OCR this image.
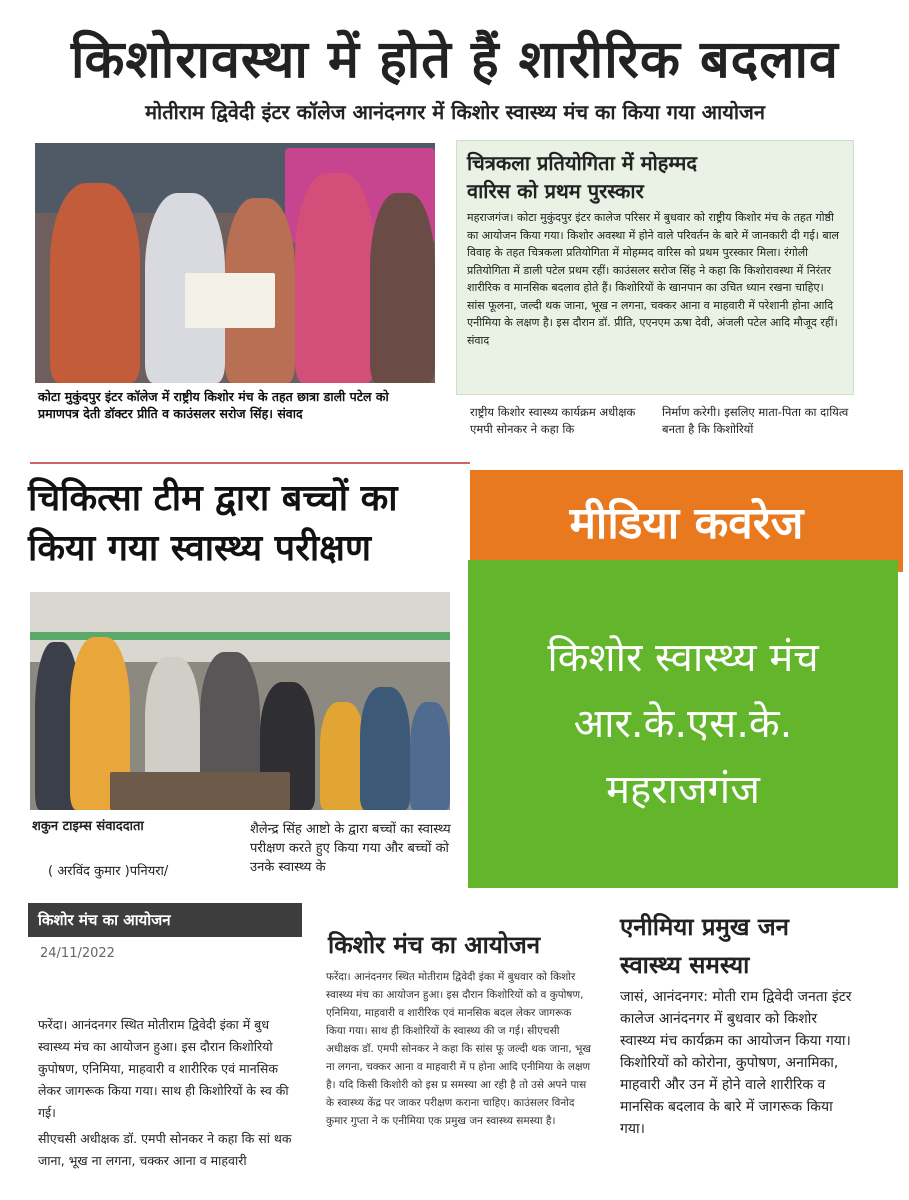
किशोरावस्था में होते हैं शारीरिक बदलाव
मोतीराम द्विवेदी इंटर कॉलेज आनंदनगर में किशोर स्वास्थ्य मंच का किया गया आयोजन
कोटा मुकुंदपुर इंटर कॉलेज में राष्ट्रीय किशोर मंच के तहत छात्रा डाली पटेल को प्रमाणपत्र देती डॉक्टर प्रीति व काउंसलर सरोज सिंह। संवाद
चित्रकला प्रतियोगिता में मोहम्मद
वारिस को प्रथम पुरस्कार
महराजगंज। कोटा मुकुंदपुर इंटर कालेज परिसर में बुधवार को राष्ट्रीय किशोर मंच के तहत गोष्ठी का आयोजन किया गया। किशोर अवस्था में होने वाले परिवर्तन के बारे में जानकारी दी गई। बाल विवाह के तहत चित्रकला प्रतियोगिता में मोहम्मद वारिस को प्रथम पुरस्कार मिला। रंगोली प्रतियोगिता में डाली पटेल प्रथम रहीं। काउंसलर सरोज सिंह ने कहा कि किशोरावस्था में निरंतर शारीरिक व मानसिक बदलाव होते हैं। किशोरियों के खानपान का उचित ध्यान रखना चाहिए। सांस फूलना, जल्दी थक जाना, भूख न लगना, चक्कर आना व माहवारी में परेशानी होना आदि एनीमिया के लक्षण है। इस दौरान डॉ. प्रीति, एएनएम ऊषा देवी, अंजली पटेल आदि मौजूद रहीं। संवाद
राष्ट्रीय किशोर स्वास्थ्य कार्यक्रम अधीक्षक एमपी सोनकर ने कहा कि
निर्माण करेगी। इसलिए माता-पिता का दायित्व बनता है कि किशोरियों
मीडिया कवरेज
किशोर स्वास्थ्य मंच
आर.के.एस.के.
महराजगंज
चिकित्सा टीम द्वारा बच्चों का
किया गया स्वास्थ्य परीक्षण
शकुन टाइम्स संवाददाता
( अरविंद कुमार )पनियरा/
शैलेन्द्र सिंह आष्टो के द्वारा बच्चों का स्वास्थ्य परीक्षण करते हुए किया गया और बच्चों को उनके स्वास्थ्य के
किशोर मंच का आयोजन
24/11/2022
फरेंदा। आनंदनगर स्थित मोतीराम द्विवेदी इंका में बुध स्वास्थ्य मंच का आयोजन हुआ। इस दौरान किशोरियो कुपोषण, एनिमिया, माहवारी व शारीरिक एवं मानसिक लेकर जागरूक किया गया। साथ ही किशोरियों के स्व की गई।
सीएचसी अधीक्षक डॉ. एमपी सोनकर ने कहा कि सां थक जाना, भूख ना लगना, चक्कर आना व माहवारी
किशोर मंच का आयोजन
फरेंदा। आनंदनगर स्थित मोतीराम द्विवेदी इंका में बुधवार को किशोर स्वास्थ्य मंच का आयोजन हुआ। इस दौरान किशोरियों को व कुपोषण, एनिमिया, माहवारी व शारीरिक एवं मानसिक बदल लेकर जागरूक किया गया। साथ ही किशोरियों के स्वास्थ्य की ज गई। सीएचसी अधीक्षक डॉ. एमपी सोनकर ने कहा कि सांस फू जल्दी थक जाना, भूख ना लगना, चक्कर आना व माहवारी में प होना आदि एनीमिया के लक्षण है। यदि किसी किशोरी को इस प्र समस्या आ रही है तो उसे अपने पास के स्वास्थ्य केंद्र पर जाकर परीक्षण कराना चाहिए। काउंसलर विनोद कुमार गुप्ता ने क एनीमिया एक प्रमुख जन स्वास्थ्य समस्या है।
एनीमिया प्रमुख जन
स्वास्थ्य समस्या
जासं, आनंदनगर: मोती राम द्विवेदी जनता इंटर कालेज आनंदनगर में बुधवार को किशोर स्वास्थ्य मंच कार्यक्रम का आयोजन किया गया। किशोरियों को कोरोना, कुपोषण, अनामिका, माहवारी और उन में होने वाले शारीरिक व मानसिक बदलाव के बारे में जागरूक किया गया।
